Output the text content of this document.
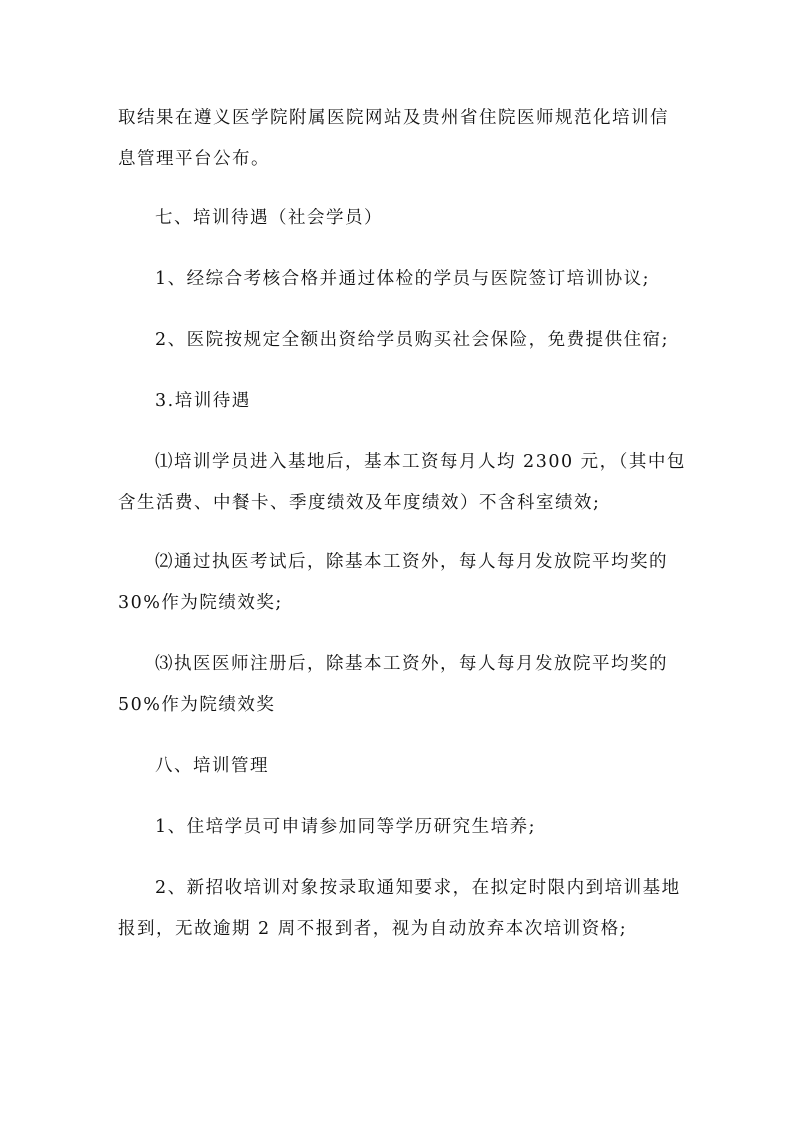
取结果在遵义医学院附属医院网站及贵州省住院医师规范化培训信

息管理平台公布。

七、培训待遇（社会学员）

1、经综合考核合格并通过体检的学员与医院签订培训协议;

2、医院按规定全额出资给学员购买社会保险，免费提供住宿;

3.培训待遇

⑴培训学员进入基地后，基本工资每月人均 2300 元，（其中包

含生活费、中餐卡、季度绩效及年度绩效）不含科室绩效;

⑵通过执医考试后，除基本工资外，每人每月发放院平均奖的

30%作为院绩效奖;

⑶执医医师注册后，除基本工资外，每人每月发放院平均奖的

50%作为院绩效奖

八、培训管理

1、住培学员可申请参加同等学历研究生培养;

2、新招收培训对象按录取通知要求，在拟定时限内到培训基地

报到，无故逾期 2 周不报到者，视为自动放弃本次培训资格;
